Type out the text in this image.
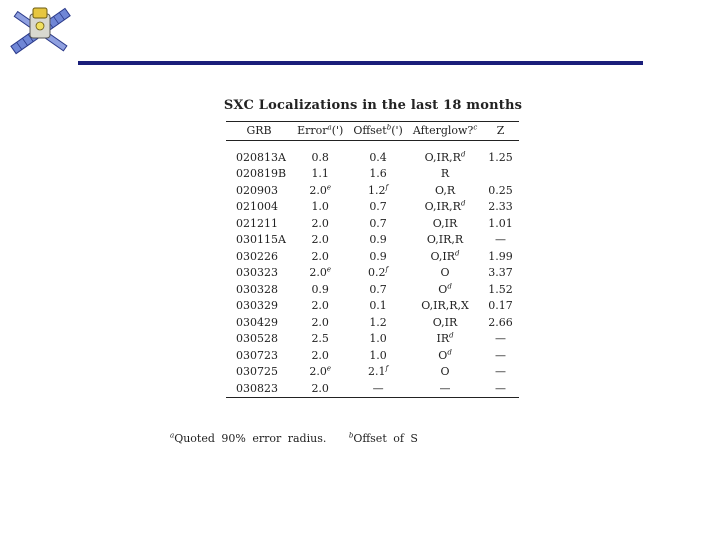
SXC Localizations in the last 18 months
GRB	Error$^a$(')	Offset$^b$(')	Afterglow?$^c$	Z
020813A	0.8	0.4	$O,IR,R^d$	1.25
020819B	1.1	1.6	R	
020903	2.0e	1.2$^f$	O,R	0.25
021004	1.0	0.7	$O,IR,R^d$	2.33
021211	2.0	0.7	O,IR	1.01
030115A	2.0	0.9	O,IR,R	—
030226	2.0	0.9	$O,IR^d$	1.99
030323	2.0e	0.2$^f$	O	3.37
030328	0.9	0.7	$O^d$	1.52
030329	2.0	0.1	O,IR,R,X	0.17
030429	2.0	1.2	O,IR	2.66
030528	2.5	1.0	$IR^d$	—
030723	2.0	1.0	$O^d$	—
030725	2.0e	2.1$^f$	O	—
030823	2.0	—	—	—
$^a$Quoted 90% error radius.	$^b$Offset of S
